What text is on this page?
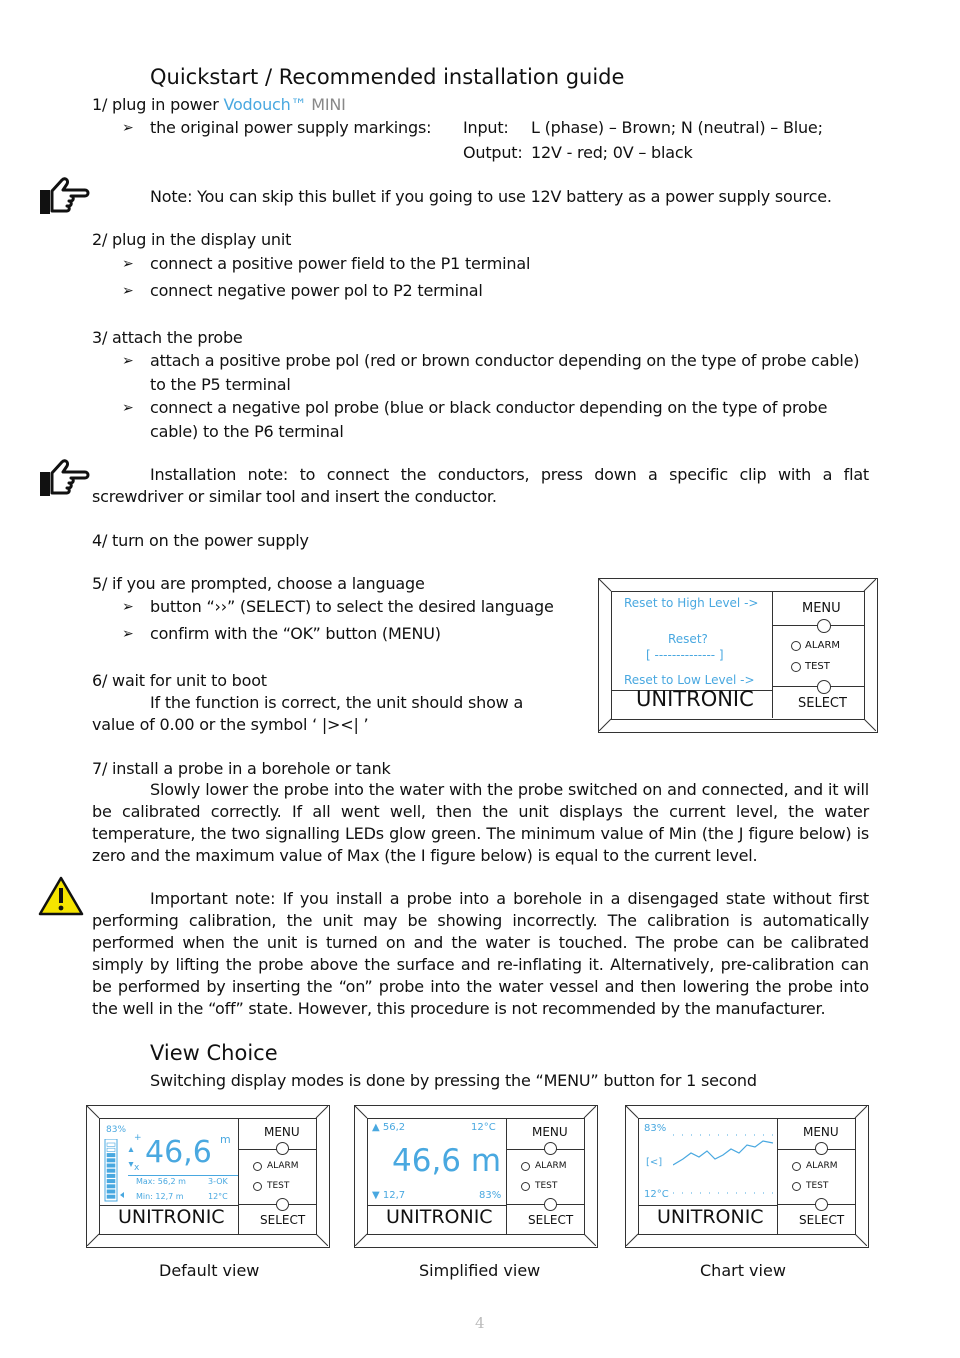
Quickstart / Recommended installation guide
1/ plug in power Vodouch™ MINI
➢ the original power supply markings: Input: L (phase) – Brown; N (neutral) – Blue;
Output: 12V - red; 0V – black
Note: You can skip this bullet if you going to use 12V battery as a power supply source.
2/ plug in the display unit
➢ connect a positive power field to the P1 terminal
➢ connect negative power pol to P2 terminal
3/ attach the probe
➢ attach a positive probe pol (red or brown conductor depending on the type of probe cable)
to the P5 terminal
➢ connect a negative pol probe (blue or black conductor depending on the type of probe
cable) to the P6 terminal
Installation note: to connect the conductors, press down a specific clip with a flat
screwdriver or similar tool and insert the conductor.
4/ turn on the power supply
5/ if you are prompted, choose a language
➢ button “››” (SELECT) to select the desired language
➢ confirm with the “OK” button (MENU)
6/ wait for unit to boot
If the function is correct, the unit should show a
value of 0.00 or the symbol ‘ |><| ’
Reset to High Level ->
Reset?
[ -------------- ]
Reset to Low Level ->
MENU
ALARM
TEST
SELECT
UNITRONIC
7/ install a probe in a borehole or tank
Slowly lower the probe into the water with the probe switched on and connected, and it will be calibrated correctly. If all went well, then the unit displays the current level, the water temperature, the two signalling LEDs glow green. The minimum value of Min (the J figure below) is zero and the maximum value of Max (the I figure below) is equal to the current level.
Important note: If you install a probe into a borehole in a disengaged state without first performing calibration, the unit may be showing incorrectly. The calibration is automatically performed when the unit is turned on and the water is touched. The probe can be calibrated simply by lifting the probe above the surface and re-inflating it. Alternatively, pre-calibration can be performed by inserting the “on” probe into the water vessel and then lowering the probe into the well in the “off” state. However, this procedure is not recommended by the manufacturer.
View Choice
Switching display modes is done by pressing the “MENU” button for 1 second
83%
46,6 m
+
x
Max: 56,2 m
Min: 12,7 m
3-OK
12°C
MENU
ALARM
TEST
SELECT
UNITRONIC
▲ 56,2	12°C
46,6 m
▼ 12,7	83%
MENU
ALARM
TEST
SELECT
UNITRONIC
83%
[<]
12°C
MENU
ALARM
TEST
SELECT
UNITRONIC
Default view	Simplified view	Chart view
4
